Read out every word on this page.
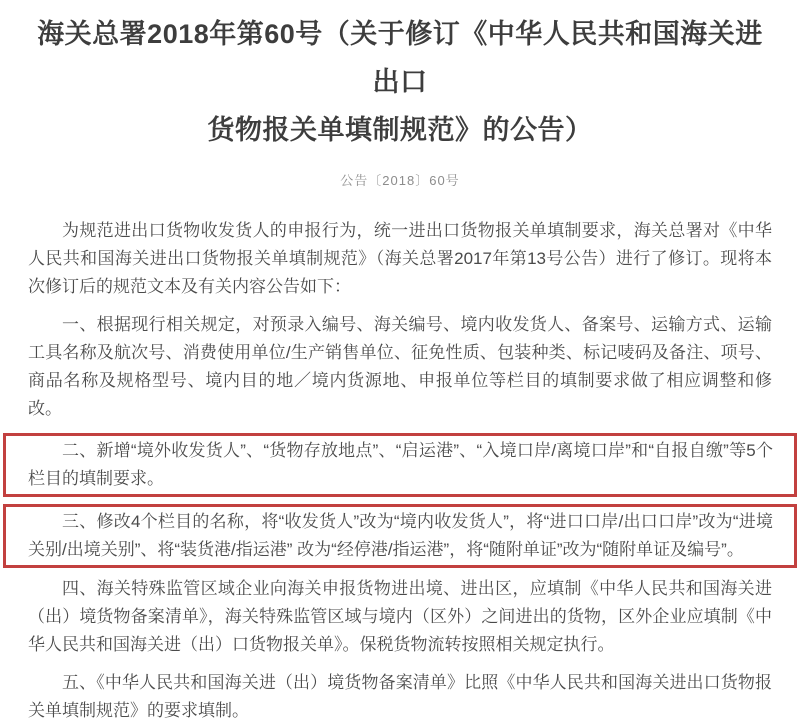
海关总署2018年第60号（关于修订《中华人民共和国海关进出口
货物报关单填制规范》的公告）
公告〔2018〕60号

为规范进出口货物收发货人的申报行为，统一进出口货物报关单填制要求，海关总署对《中华人民共和国海关进出口货物报关单填制规范》（海关总署2017年第13号公告）进行了修订。现将本次修订后的规范文本及有关内容公告如下：

一、根据现行相关规定，对预录入编号、海关编号、境内收发货人、备案号、运输方式、运输工具名称及航次号、消费使用单位/生产销售单位、征免性质、包装种类、标记唛码及备注、项号、商品名称及规格型号、境内目的地／境内货源地、申报单位等栏目的填制要求做了相应调整和修改。

二、新增“境外收发货人”、“货物存放地点”、“启运港”、“入境口岸/离境口岸”和“自报自缴”等5个栏目的填制要求。

三、修改4个栏目的名称，将“收发货人”改为“境内收发货人”，将“进口口岸/出口口岸”改为“进境关别/出境关别”、将“装货港/指运港” 改为“经停港/指运港”，将“随附单证”改为“随附单证及编号”。

四、海关特殊监管区域企业向海关申报货物进出境、进出区，应填制《中华人民共和国海关进（出）境货物备案清单》，海关特殊监管区域与境内（区外）之间进出的货物，区外企业应填制《中华人民共和国海关进（出）口货物报关单》。保税货物流转按照相关规定执行。

五、《中华人民共和国海关进（出）境货物备案清单》比照《中华人民共和国海关进出口货物报关单填制规范》的要求填制。
